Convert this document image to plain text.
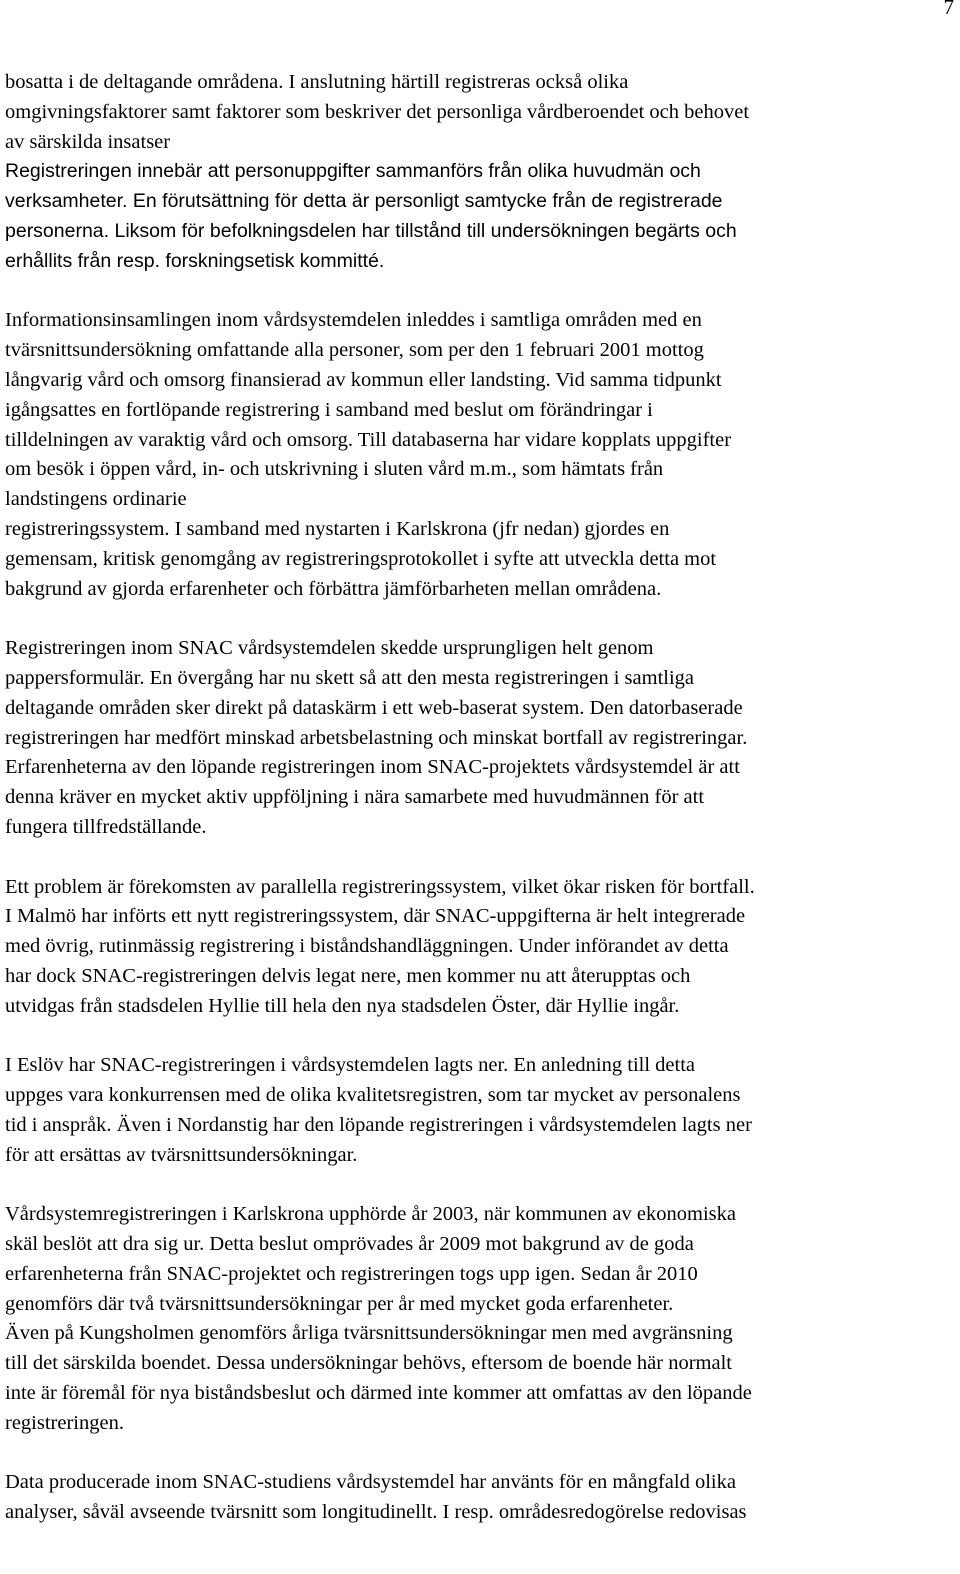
7
bosatta i de deltagande områdena. I anslutning härtill registreras också olika
omgivningsfaktorer samt faktorer som beskriver det personliga vårdberoendet och behovet
av särskilda insatser
Registreringen innebär att personuppgifter sammanförs från olika huvudmän och
verksamheter. En förutsättning för detta är personligt samtycke från de registrerade
personerna. Liksom för befolkningsdelen har tillstånd till undersökningen begärts och
erhållits från resp. forskningsetisk kommitté.
Informationsinsamlingen inom vårdsystemdelen inleddes i samtliga områden med en
tvärsnittsundersökning omfattande alla personer, som per den 1 februari 2001 mottog
långvarig vård och omsorg finansierad av kommun eller landsting. Vid samma tidpunkt
igångsattes en fortlöpande registrering i samband med beslut om förändringar i
tilldelningen av varaktig vård och omsorg. Till databaserna har vidare kopplats uppgifter
om besök i öppen vård, in- och utskrivning i sluten vård m.m., som hämtats från
landstingens ordinarie
registreringssystem. I samband med nystarten i Karlskrona (jfr nedan) gjordes en
gemensam, kritisk genomgång av registreringsprotokollet i syfte att utveckla detta mot
bakgrund av gjorda erfarenheter och förbättra jämförbarheten mellan områdena.
Registreringen inom SNAC vårdsystemdelen skedde ursprungligen helt genom
pappersformulär. En övergång har nu skett så att den mesta registreringen i samtliga
deltagande områden sker direkt på dataskärm i ett web-baserat system. Den datorbaserade
registreringen har medfört minskad arbetsbelastning och minskat bortfall av registreringar.
Erfarenheterna av den löpande registreringen inom SNAC-projektets vårdsystemdel är att
denna kräver en mycket aktiv uppföljning i nära samarbete med huvudmännen för att
fungera tillfredställande.
Ett problem är förekomsten av parallella registreringssystem, vilket ökar risken för bortfall.
I Malmö har införts ett nytt registreringssystem, där SNAC-uppgifterna är helt integrerade
med övrig, rutinmässig registrering i biståndshandläggningen. Under införandet av detta
har dock SNAC-registreringen delvis legat nere, men kommer nu att återupptas och
utvidgas från stadsdelen Hyllie till hela den nya stadsdelen Öster, där Hyllie ingår.
I Eslöv har SNAC-registreringen i vårdsystemdelen lagts ner. En anledning till detta
uppges vara konkurrensen med de olika kvalitetsregistren, som tar mycket av personalens
tid i anspråk. Även i Nordanstig har den löpande registreringen i vårdsystemdelen lagts ner
för att ersättas av tvärsnittsundersökningar.
Vårdsystemregistreringen i Karlskrona upphörde år 2003, när kommunen av ekonomiska
skäl beslöt att dra sig ur. Detta beslut omprövades år 2009 mot bakgrund av de goda
erfarenheterna från SNAC-projektet och registreringen togs upp igen. Sedan år 2010
genomförs där två tvärsnittsundersökningar per år med mycket goda erfarenheter.
Även på Kungsholmen genomförs årliga tvärsnittsundersökningar men med avgränsning
till det särskilda boendet. Dessa undersökningar behövs, eftersom de boende här normalt
inte är föremål för nya biståndsbeslut och därmed inte kommer att omfattas av den löpande
registreringen.
Data producerade inom SNAC-studiens vårdsystemdel har använts för en mångfald olika
analyser, såväl avseende tvärsnitt som longitudinellt. I resp. områdesredogörelse redovisas
